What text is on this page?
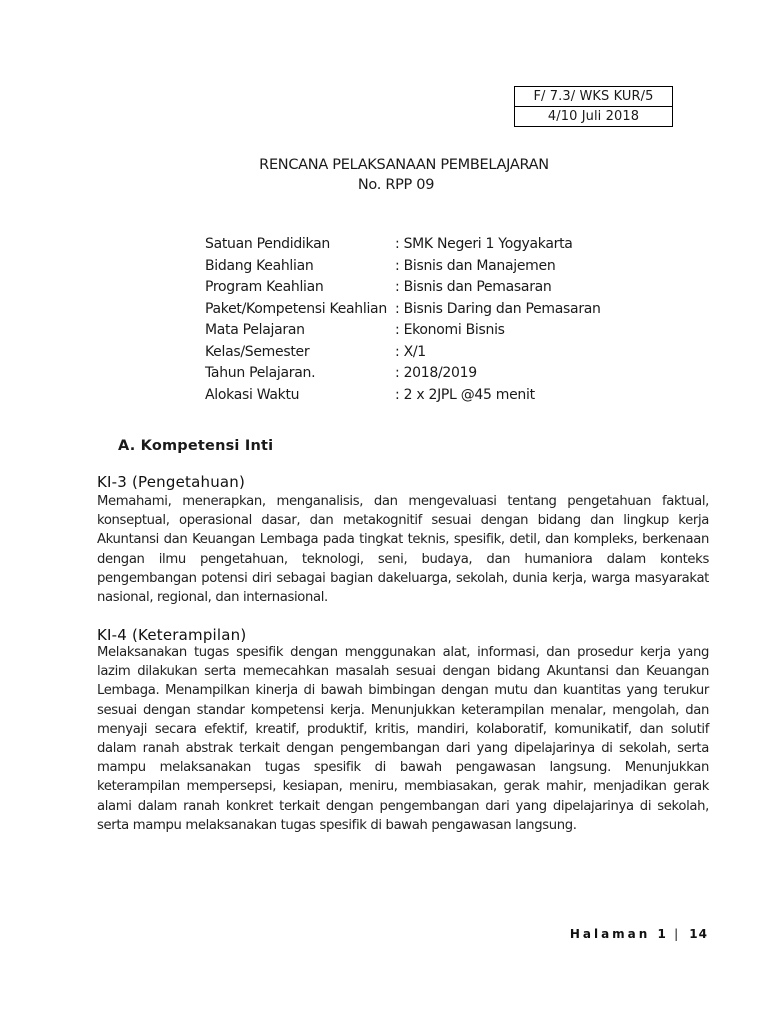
F/ 7.3/ WKS KUR/5
4/10 Juli 2018
RENCANA PELAKSANAAN PEMBELAJARAN
No. RPP 09
Satuan Pendidikan	: SMK Negeri 1 Yogyakarta
Bidang Keahlian	: Bisnis dan Manajemen
Program Keahlian	: Bisnis dan Pemasaran
Paket/Kompetensi Keahlian : Bisnis Daring dan Pemasaran
Mata Pelajaran	: Ekonomi Bisnis
Kelas/Semester	: X/1
Tahun Pelajaran.	: 2018/2019
Alokasi Waktu	: 2 x 2JPL @45 menit
A. Kompetensi Inti
KI-3 (Pengetahuan)
Memahami, menerapkan, menganalisis, dan mengevaluasi tentang pengetahuan faktual, konseptual, operasional dasar, dan metakognitif sesuai dengan bidang dan lingkup kerja Akuntansi dan Keuangan Lembaga pada tingkat teknis, spesifik, detil, dan kompleks, berkenaan dengan ilmu pengetahuan, teknologi, seni, budaya, dan humaniora dalam konteks pengembangan potensi diri sebagai bagian dakeluarga, sekolah, dunia kerja, warga masyarakat nasional, regional, dan internasional.
KI-4 (Keterampilan)
Melaksanakan tugas spesifik dengan menggunakan alat, informasi, dan prosedur kerja yang lazim dilakukan serta memecahkan masalah sesuai dengan bidang Akuntansi dan Keuangan Lembaga. Menampilkan kinerja di bawah bimbingan dengan mutu dan kuantitas yang terukur sesuai dengan standar kompetensi kerja. Menunjukkan keterampilan menalar, mengolah, dan menyaji secara efektif, kreatif, produktif, kritis, mandiri, kolaboratif, komunikatif, dan solutif dalam ranah abstrak terkait dengan pengembangan dari yang dipelajarinya di sekolah, serta mampu melaksanakan tugas spesifik di bawah pengawasan langsung. Menunjukkan keterampilan mempersepsi, kesiapan, meniru, membiasakan, gerak mahir, menjadikan gerak alami dalam ranah konkret terkait dengan pengembangan dari yang dipelajarinya di sekolah, serta mampu melaksanakan tugas spesifik di bawah pengawasan langsung.
Halaman 1 | 14
